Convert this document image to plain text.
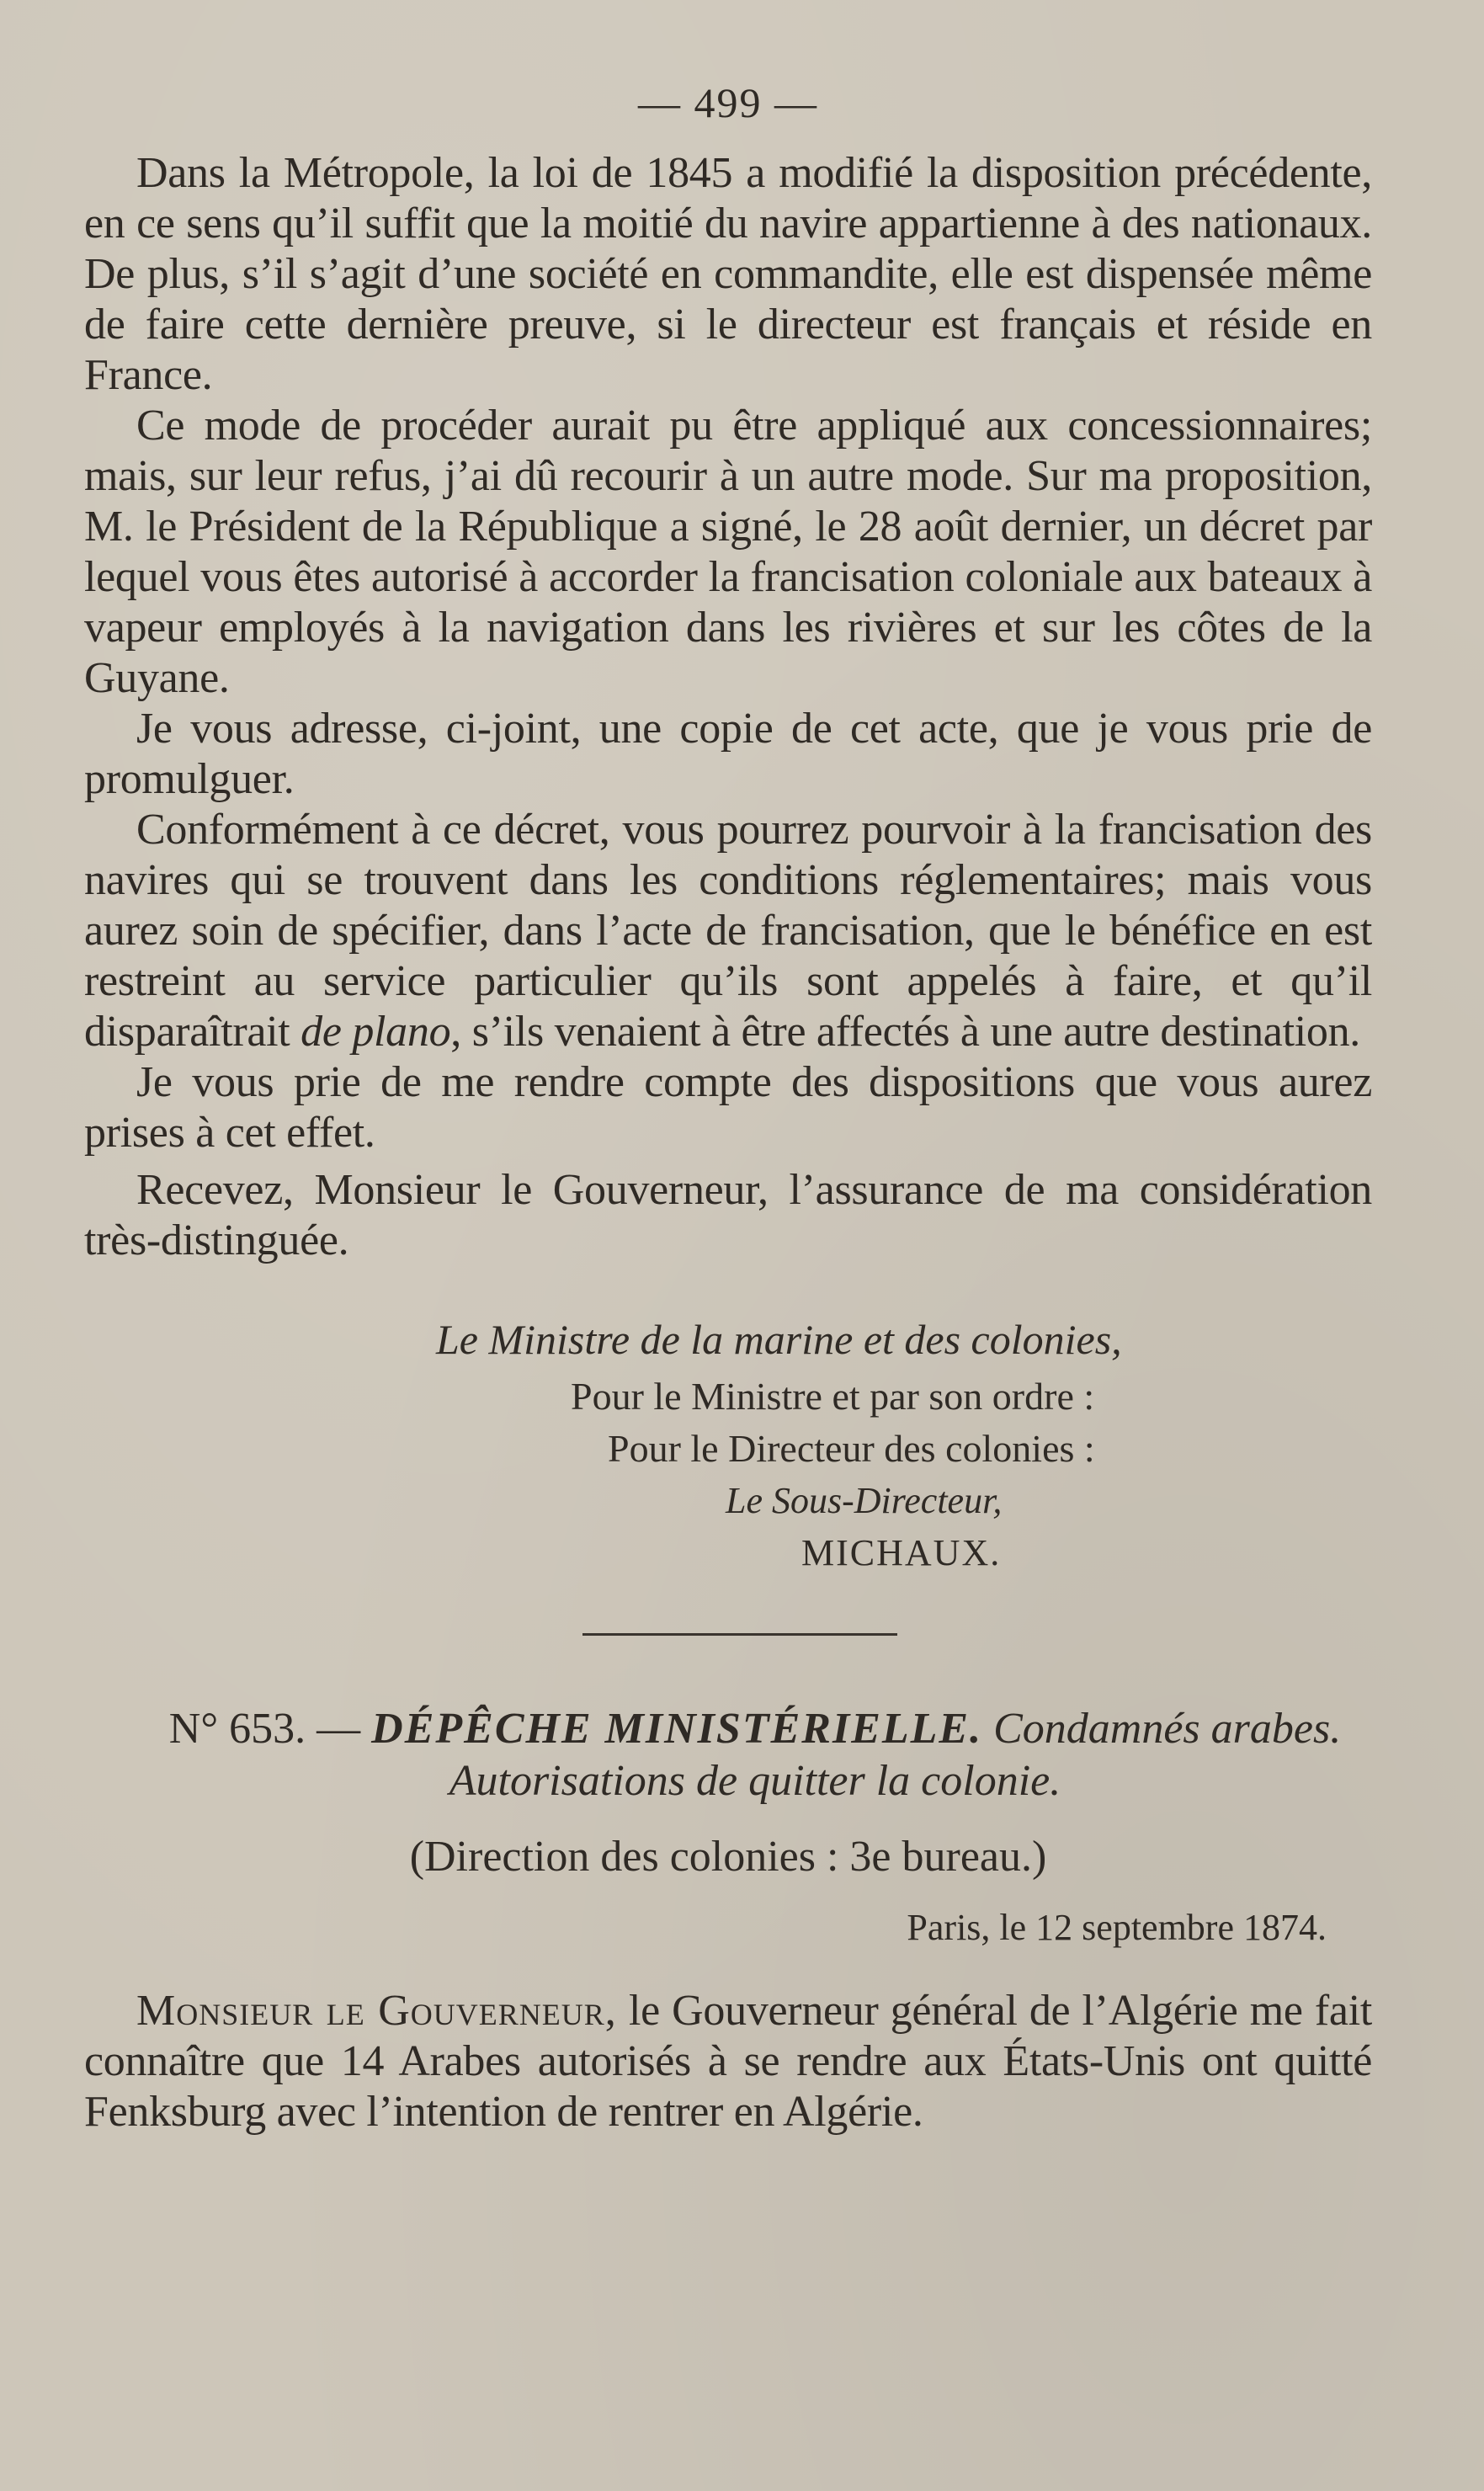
— 499 —

Dans la Métropole, la loi de 1845 a modifié la disposition précédente, en ce sens qu’il suffit que la moitié du navire appartienne à des nationaux. De plus, s’il s’agit d’une société en commandite, elle est dispensée même de faire cette dernière preuve, si le directeur est français et réside en France.

Ce mode de procéder aurait pu être appliqué aux concessionnaires; mais, sur leur refus, j’ai dû recourir à un autre mode. Sur ma proposition, M. le Président de la République a signé, le 28 août dernier, un décret par lequel vous êtes autorisé à accorder la francisation coloniale aux bateaux à vapeur employés à la navigation dans les rivières et sur les côtes de la Guyane.

Je vous adresse, ci-joint, une copie de cet acte, que je vous prie de promulguer.

Conformément à ce décret, vous pourrez pourvoir à la francisation des navires qui se trouvent dans les conditions réglementaires; mais vous aurez soin de spécifier, dans l’acte de francisation, que le bénéfice en est restreint au service particulier qu’ils sont appelés à faire, et qu’il disparaîtrait de plano, s’ils venaient à être affectés à une autre destination.

Je vous prie de me rendre compte des dispositions que vous aurez prises à cet effet.

Recevez, Monsieur le Gouverneur, l’assurance de ma considération très-distinguée.

Le Ministre de la marine et des colonies,
Pour le Ministre et par son ordre :
Pour le Directeur des colonies :
Le Sous-Directeur,
MICHAUX.
N° 653. — DÉPÊCHE MINISTÉRIELLE. Condamnés arabes. Autorisations de quitter la colonie.
(Direction des colonies : 3e bureau.)
Paris, le 12 septembre 1874.

Monsieur le Gouverneur, le Gouverneur général de l’Algérie me fait connaître que 14 Arabes autorisés à se rendre aux États-Unis ont quitté Fenksburg avec l’intention de rentrer en Algérie.
